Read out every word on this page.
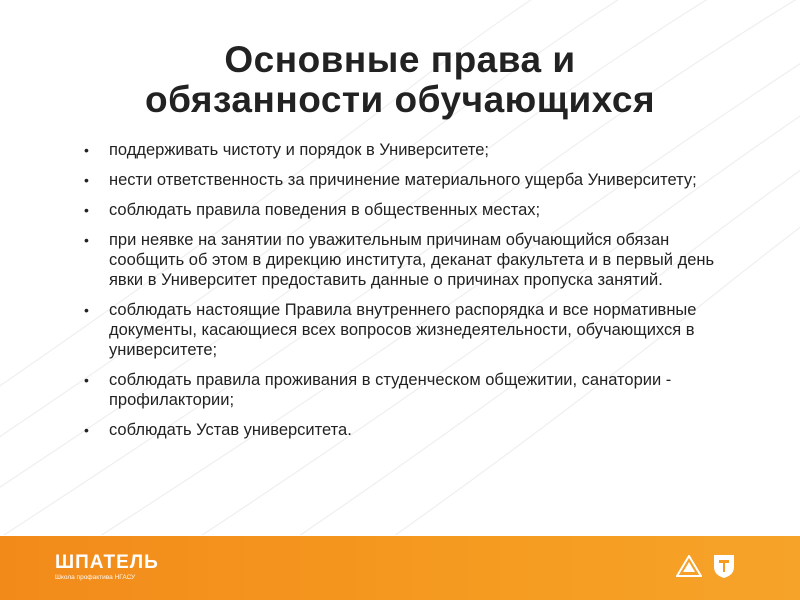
Основные права и
обязанности обучающихся
• поддерживать чистоту и порядок в Университете;
• нести ответственность за причинение материального ущерба Университету;
• соблюдать правила поведения в общественных местах;
• при неявке на занятии по уважительным причинам обучающийся обязан сообщить об этом в дирекцию института, деканат факультета и в первый день явки в Университет предоставить данные о причинах пропуска занятий.
• соблюдать настоящие Правила внутреннего распорядка и все нормативные документы, касающиеся всех вопросов жизнедеятельности, обучающихся в университете;
• соблюдать правила проживания в студенческом общежитии, санатории - профилактории;
• соблюдать Устав университета.
ШПАТЕЛЬ
Школа профактива НГАСУ
